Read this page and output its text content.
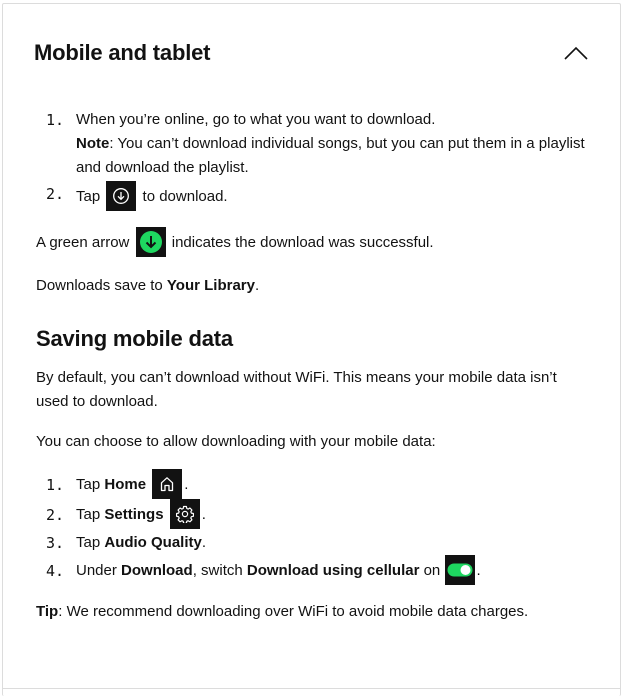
Mobile and tablet
1. When you’re online, go to what you want to download.
Note: You can’t download individual songs, but you can put them in a playlist and download the playlist.
2. Tap	to download.

A green arrow	indicates the download was successful.

Downloads save to Your Library.

Saving mobile data

By default, you can’t download without WiFi. This means your mobile data isn’t used to download.

You can choose to allow downloading with your mobile data:

1. Tap Home	.
2. Tap Settings	.
3. Tap Audio Quality.
4. Under Download, switch Download using cellular on .

Tip: We recommend downloading over WiFi to avoid mobile data charges.
